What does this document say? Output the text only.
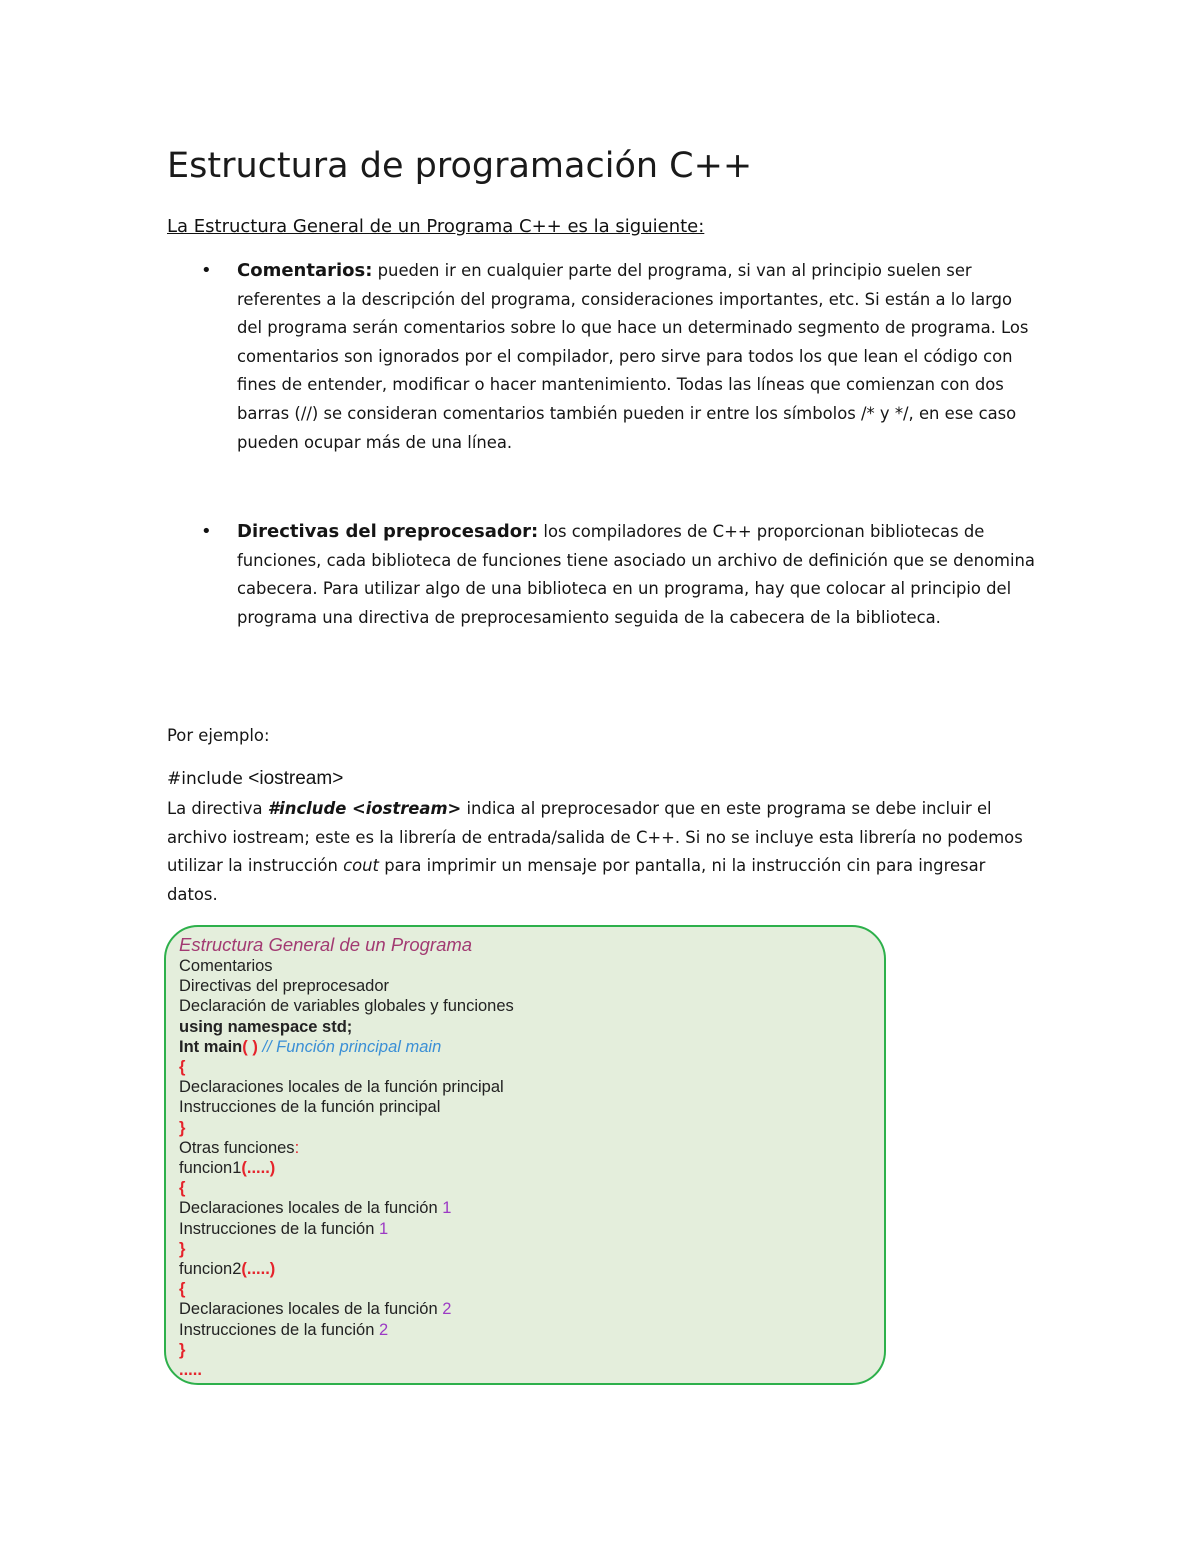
Estructura de programación C++
La Estructura General de un Programa C++ es la siguiente:
• Comentarios: pueden ir en cualquier parte del programa, si van al principio suelen ser referentes a la descripción del programa, consideraciones importantes, etc. Si están a lo largo del programa serán comentarios sobre lo que hace un determinado segmento de programa. Los comentarios son ignorados por el compilador, pero sirve para todos los que lean el código con fines de entender, modificar o hacer mantenimiento. Todas las líneas que comienzan con dos barras (//) se consideran comentarios también pueden ir entre los símbolos /* y */, en ese caso pueden ocupar más de una línea.
• Directivas del preprocesador: los compiladores de C++ proporcionan bibliotecas de funciones, cada biblioteca de funciones tiene asociado un archivo de definición que se denomina cabecera. Para utilizar algo de una biblioteca en un programa, hay que colocar al principio del programa una directiva de preprocesamiento seguida de la cabecera de la biblioteca.
Por ejemplo:
#include <iostream>
La directiva #include <iostream> indica al preprocesador que en este programa se debe incluir el archivo iostream; este es la librería de entrada/salida de C++. Si no se incluye esta librería no podemos utilizar la instrucción cout para imprimir un mensaje por pantalla, ni la instrucción cin para ingresar datos.
Estructura General de un Programa
Comentarios
Directivas del preprocesador
Declaración de variables globales y funciones
using namespace std;
Int main( ) // Función principal main
{
Declaraciones locales de la función principal
Instrucciones de la función principal
}
Otras funciones:
funcion1(.....)
{
Declaraciones locales de la función 1
Instrucciones de la función 1
}
funcion2(.....)
{
Declaraciones locales de la función 2
Instrucciones de la función 2
}
.....
